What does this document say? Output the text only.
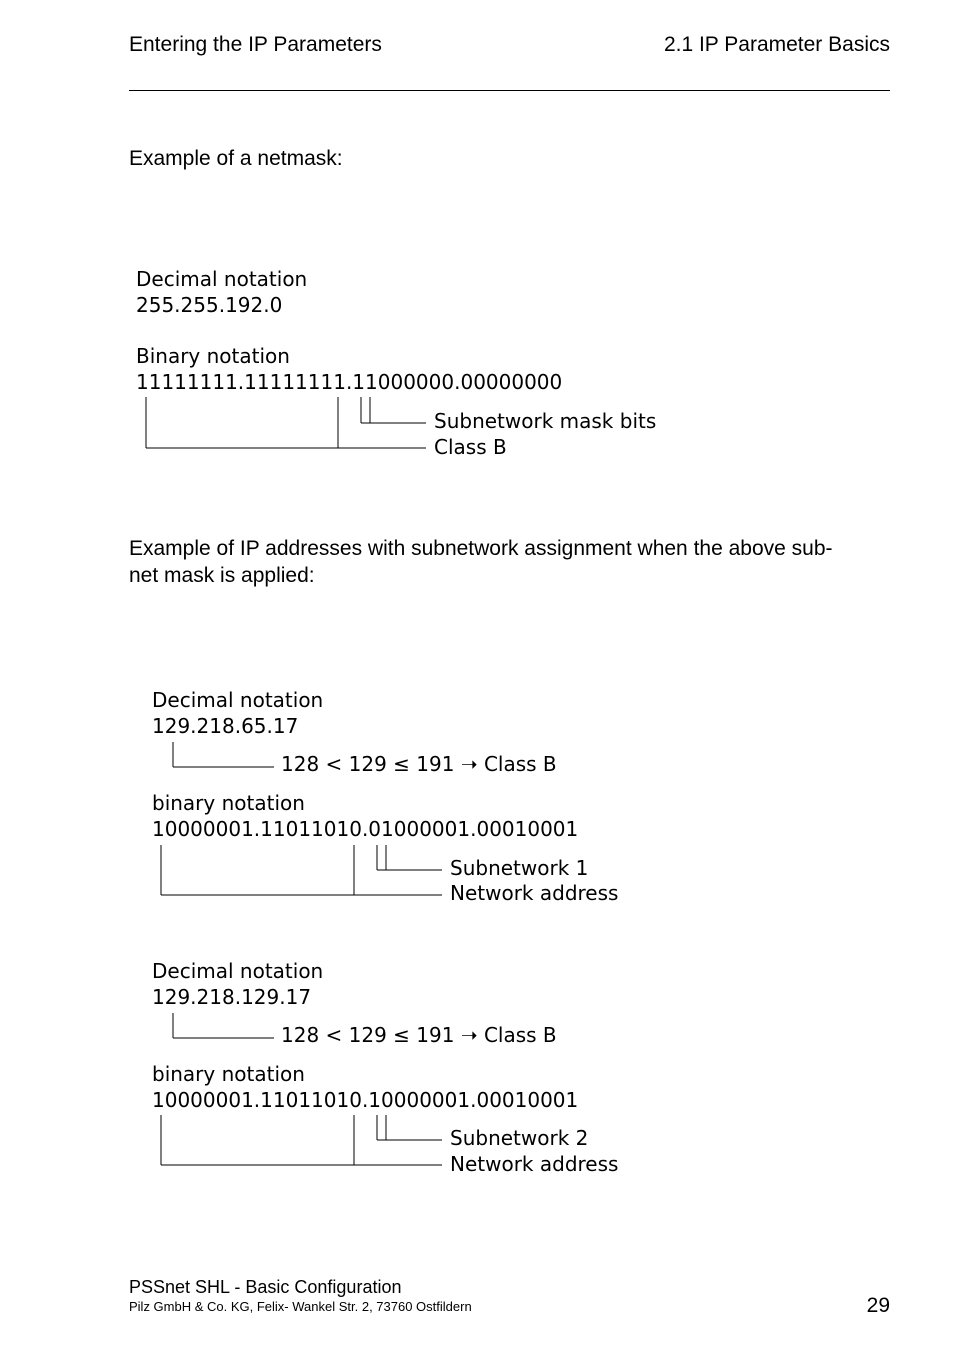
Entering the IP Parameters	2.1 IP Parameter Basics
Example of a netmask:
Decimal notation
255.255.192.0
Binary notation
11111111.11111111.11000000.00000000
Subnetwork mask bits
Class B
Example of IP addresses with subnetwork assignment when the above sub-
net mask is applied:
Decimal notation
129.218.65.17
128 < 129 ≤ 191 ➝ Class B
binary notation
10000001.11011010.01000001.00010001
Subnetwork 1
Network address
Decimal notation
129.218.129.17
128 < 129 ≤ 191 ➝ Class B
binary notation
10000001.11011010.10000001.00010001
Subnetwork 2
Network address
PSSnet SHL - Basic Configuration
Pilz GmbH & Co. KG, Felix- Wankel Str. 2, 73760 Ostfildern	29
